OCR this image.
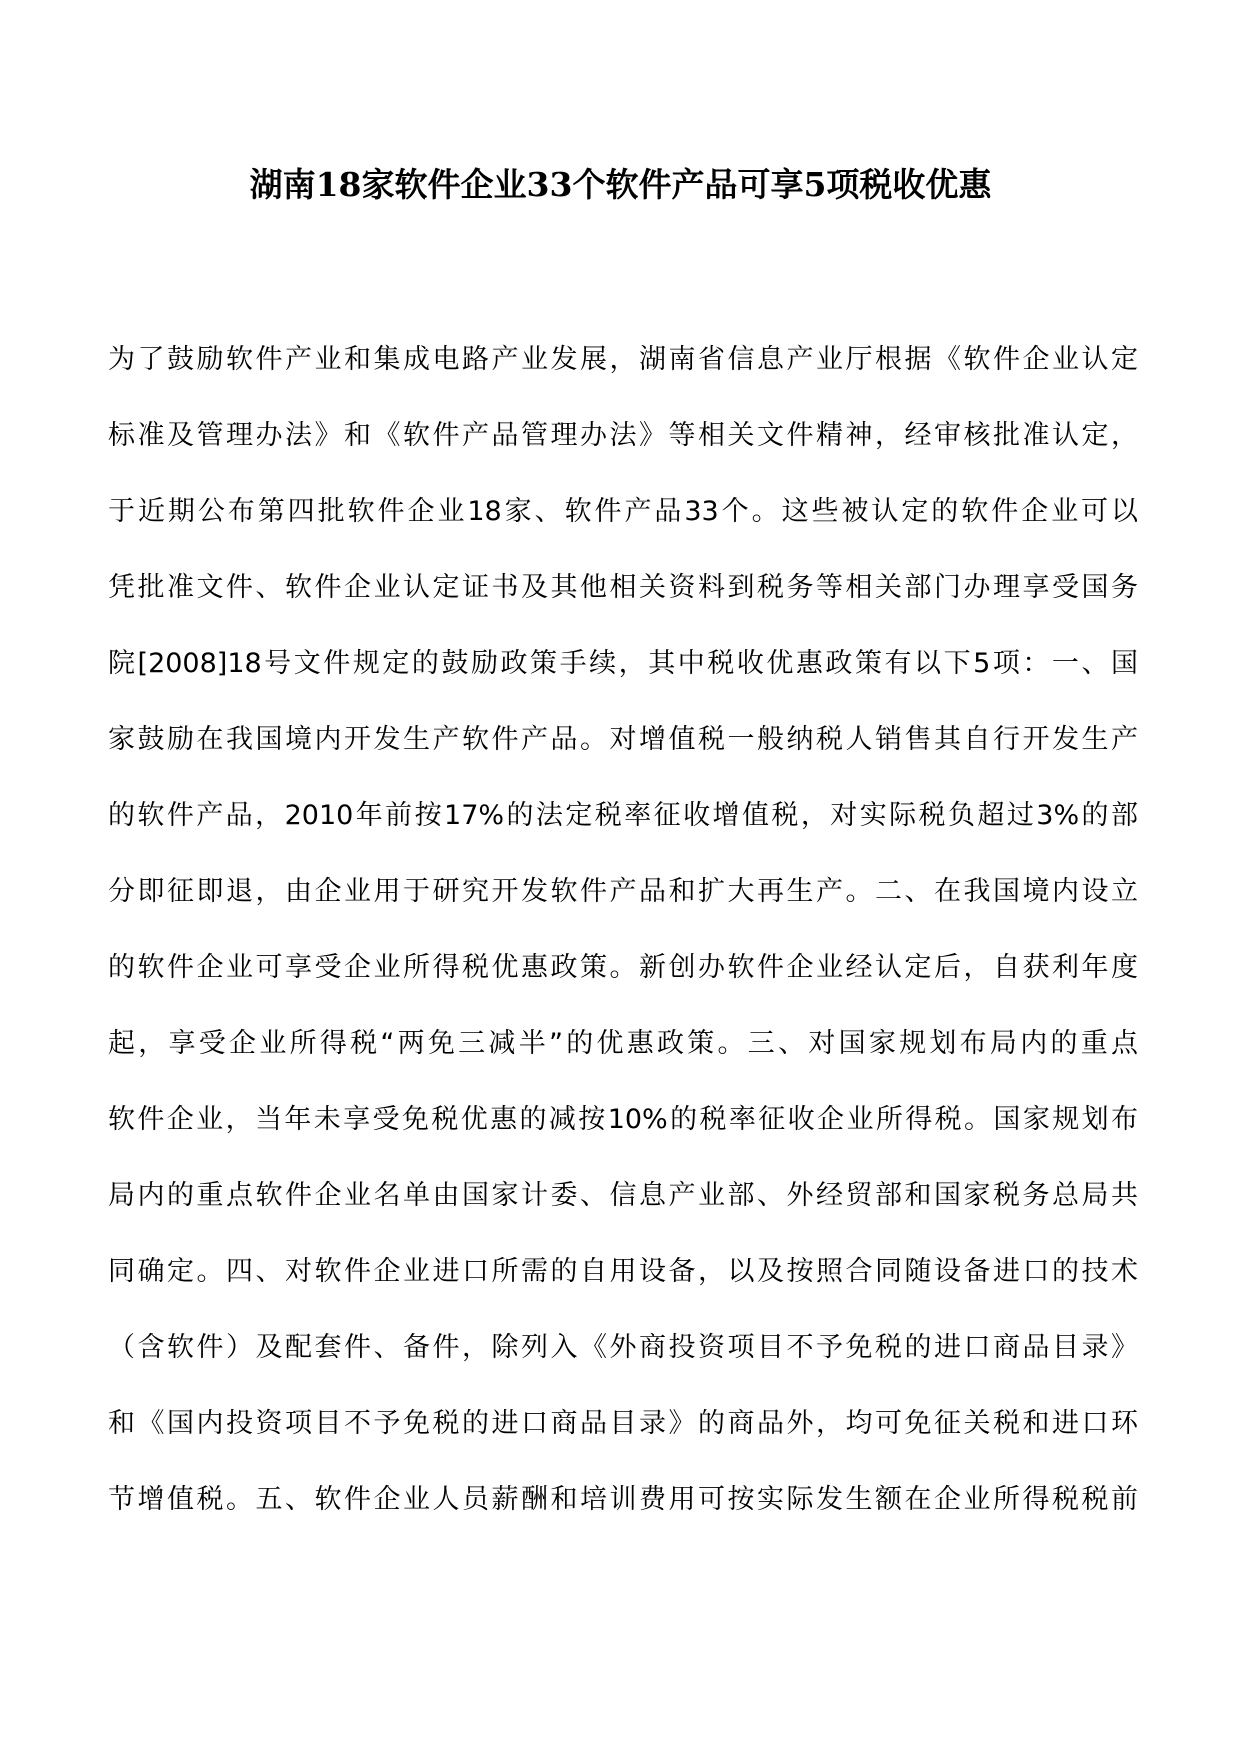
湖南18家软件企业33个软件产品可享5项税收优惠
为了鼓励软件产业和集成电路产业发展，湖南省信息产业厅根据《软件企业认定
标准及管理办法》和《软件产品管理办法》等相关文件精神，经审核批准认定，
于近期公布第四批软件企业18家、软件产品33个。这些被认定的软件企业可以
凭批准文件、软件企业认定证书及其他相关资料到税务等相关部门办理享受国务
院[2008]18号文件规定的鼓励政策手续，其中税收优惠政策有以下5项：一、国
家鼓励在我国境内开发生产软件产品。对增值税一般纳税人销售其自行开发生产
的软件产品，2010年前按17%的法定税率征收增值税，对实际税负超过3%的部
分即征即退，由企业用于研究开发软件产品和扩大再生产。二、在我国境内设立
的软件企业可享受企业所得税优惠政策。新创办软件企业经认定后，自获利年度
起，享受企业所得税“两免三减半”的优惠政策。三、对国家规划布局内的重点
软件企业，当年未享受免税优惠的减按10%的税率征收企业所得税。国家规划布
局内的重点软件企业名单由国家计委、信息产业部、外经贸部和国家税务总局共
同确定。四、对软件企业进口所需的自用设备，以及按照合同随设备进口的技术
（含软件）及配套件、备件，除列入《外商投资项目不予免税的进口商品目录》
和《国内投资项目不予免税的进口商品目录》的商品外，均可免征关税和进口环
节增值税。五、软件企业人员薪酬和培训费用可按实际发生额在企业所得税税前
